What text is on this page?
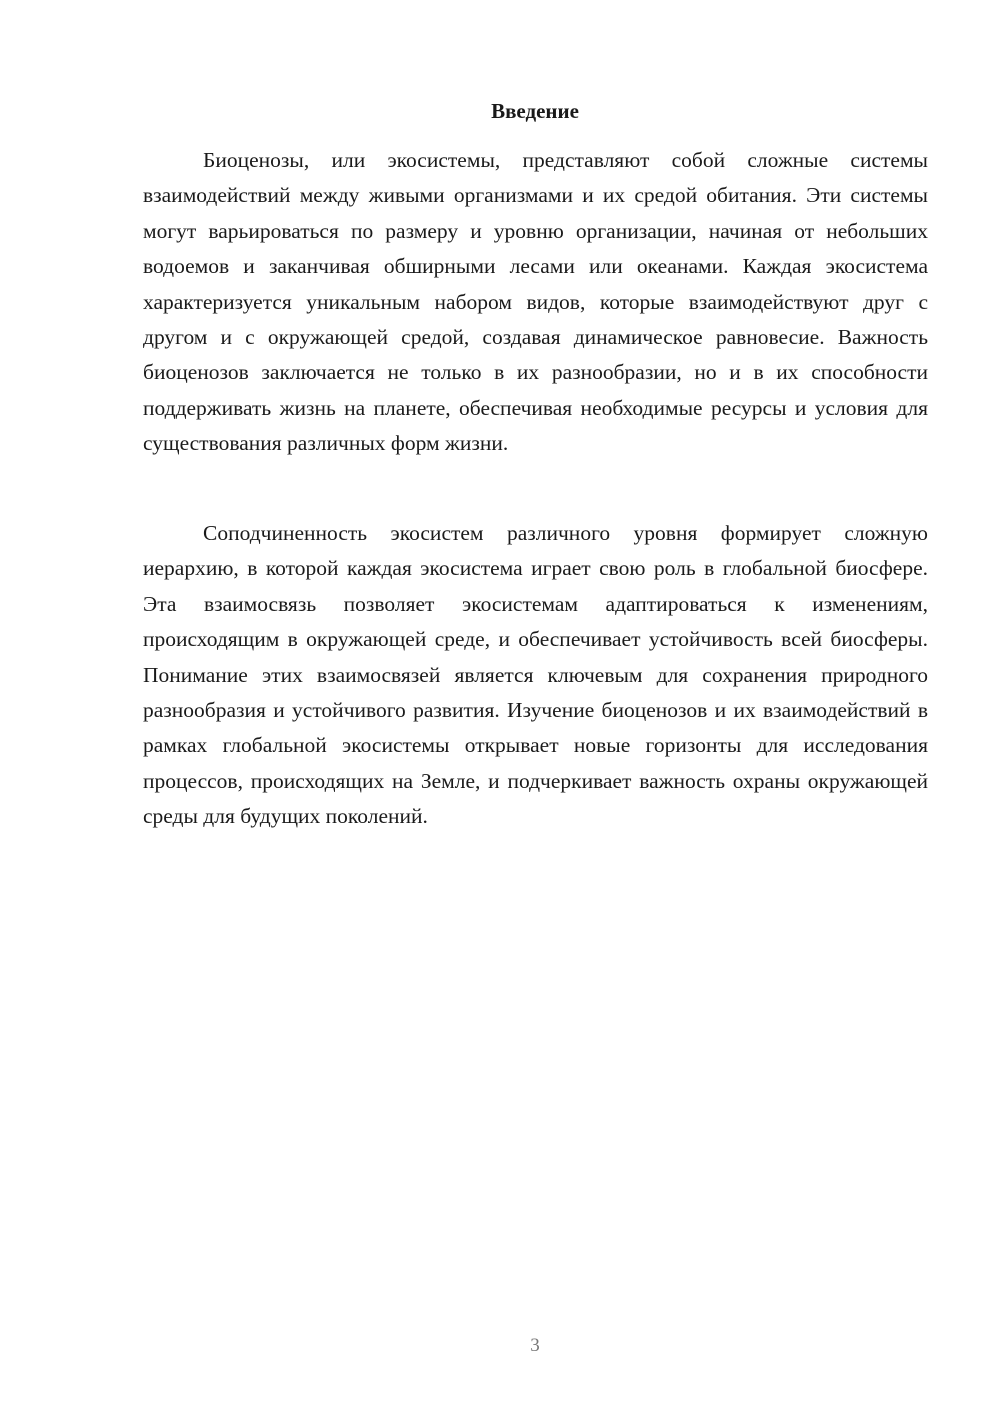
Введение

Биоценозы, или экосистемы, представляют собой сложные системы взаимодействий между живыми организмами и их средой обитания. Эти системы могут варьироваться по размеру и уровню организации, начиная от небольших водоемов и заканчивая обширными лесами или океанами. Каждая экосистема характеризуется уникальным набором видов, которые взаимодействуют друг с другом и с окружающей средой, создавая динамическое равновесие. Важность биоценозов заключается не только в их разнообразии, но и в их способности поддерживать жизнь на планете, обеспечивая необходимые ресурсы и условия для существования различных форм жизни.

Соподчиненность экосистем различного уровня формирует сложную иерархию, в которой каждая экосистема играет свою роль в глобальной биосфере. Эта взаимосвязь позволяет экосистемам адаптироваться к изменениям, происходящим в окружающей среде, и обеспечивает устойчивость всей биосферы. Понимание этих взаимосвязей является ключевым для сохранения природного разнообразия и устойчивого развития. Изучение биоценозов и их взаимодействий в рамках глобальной экосистемы открывает новые горизонты для исследования процессов, происходящих на Земле, и подчеркивает важность охраны окружающей среды для будущих поколений.

3
